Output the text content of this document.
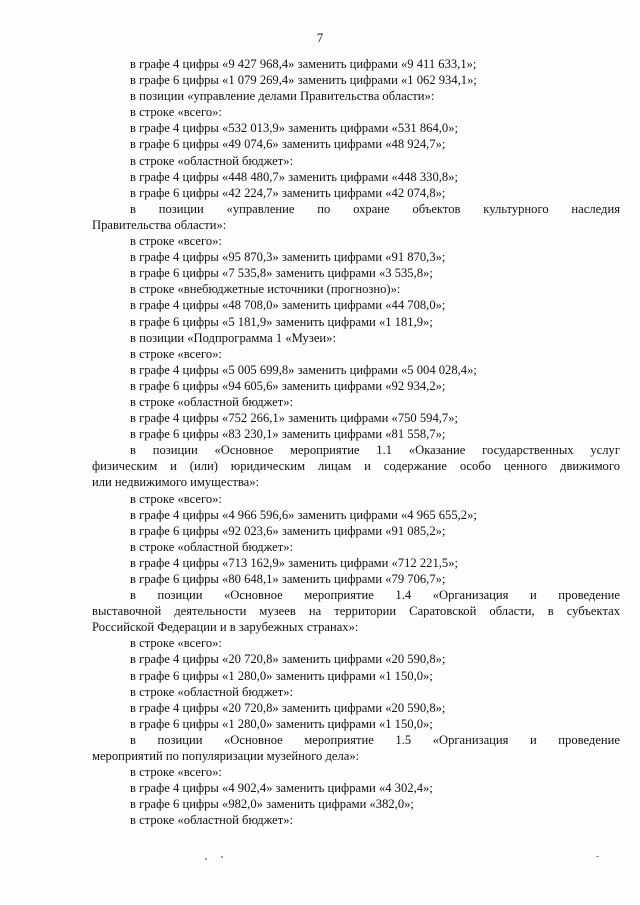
7
в графе 4 цифры «9 427 968,4» заменить цифрами «9 411 633,1»;
в графе 6 цифры «1 079 269,4» заменить цифрами «1 062 934,1»;
в позиции «управление делами Правительства области»:
в строке «всего»:
в графе 4 цифры «532 013,9» заменить цифрами «531 864,0»;
в графе 6 цифры «49 074,6» заменить цифрами «48 924,7»;
в строке «областной бюджет»:
в графе 4 цифры «448 480,7» заменить цифрами «448 330,8»;
в графе 6 цифры «42 224,7» заменить цифрами «42 074,8»;
в позиции «управление по охране объектов культурного наследия
Правительства области»:
в строке «всего»:
в графе 4 цифры «95 870,3» заменить цифрами «91 870,3»;
в графе 6 цифры «7 535,8» заменить цифрами «3 535,8»;
в строке «внебюджетные источники (прогнозно)»:
в графе 4 цифры «48 708,0» заменить цифрами «44 708,0»;
в графе 6 цифры «5 181,9» заменить цифрами «1 181,9»;
в позиции «Подпрограмма 1 «Музеи»:
в строке «всего»:
в графе 4 цифры «5 005 699,8» заменить цифрами «5 004 028,4»;
в графе 6 цифры «94 605,6» заменить цифрами «92 934,2»;
в строке «областной бюджет»:
в графе 4 цифры «752 266,1» заменить цифрами «750 594,7»;
в графе 6 цифры «83 230,1» заменить цифрами «81 558,7»;
в позиции «Основное мероприятие 1.1 «Оказание государственных услуг
физическим и (или) юридическим лицам и содержание особо ценного движимого
или недвижимого имущества»:
в строке «всего»:
в графе 4 цифры «4 966 596,6» заменить цифрами «4 965 655,2»;
в графе 6 цифры «92 023,6» заменить цифрами «91 085,2»;
в строке «областной бюджет»:
в графе 4 цифры «713 162,9» заменить цифрами «712 221,5»;
в графе 6 цифры «80 648,1» заменить цифрами «79 706,7»;
в позиции «Основное мероприятие 1.4 «Организация и проведение
выставочной деятельности музеев на территории Саратовской области, в субъектах
Российской Федерации и в зарубежных странах»:
в строке «всего»:
в графе 4 цифры «20 720,8» заменить цифрами «20 590,8»;
в графе 6 цифры «1 280,0» заменить цифрами «1 150,0»;
в строке «областной бюджет»:
в графе 4 цифры «20 720,8» заменить цифрами «20 590,8»;
в графе 6 цифры «1 280,0» заменить цифрами «1 150,0»;
в позиции «Основное мероприятие 1.5 «Организация и проведение
мероприятий по популяризации музейного дела»:
в строке «всего»:
в графе 4 цифры «4 902,4» заменить цифрами «4 302,4»;
в графе 6 цифры «982,0» заменить цифрами «382,0»;
в строке «областной бюджет»:
